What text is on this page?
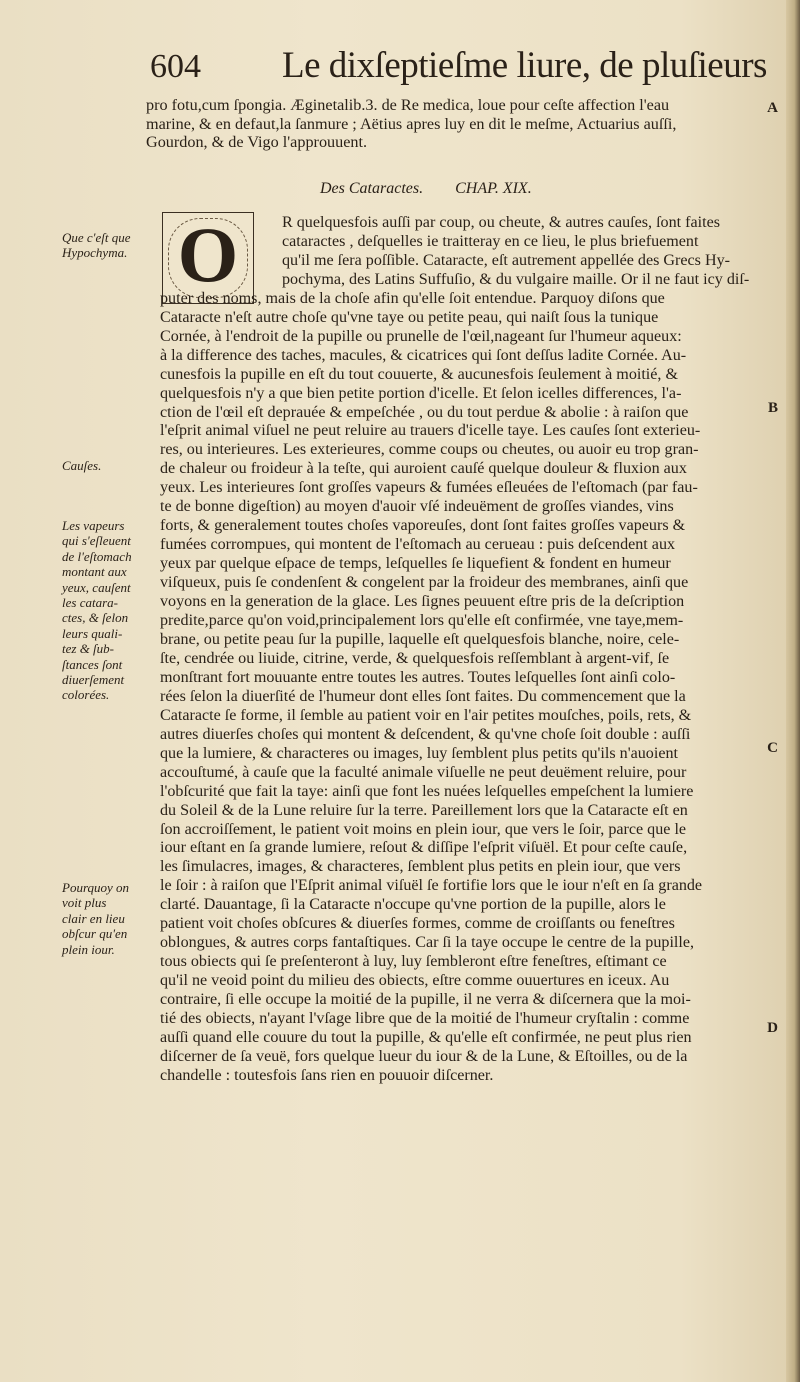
604 Le dixſeptieſme liure, de pluſieurs
pro fotu,cum ſpongia. Æginetalib.3. de Re medica, loue pour ceſte affection l'eau
marine, & en defaut,la ſanmure ; Aëtius apres luy en dit le meſme, Actuarius auſſi,
Gourdon, & de Vigo l'approuuent.
Des Cataractes. CHAP. XIX.
O	R quelquesfois auſſi par coup, ou cheute, & autres cauſes, ſont faites
cataractes , deſquelles ie traitteray en ce lieu, le plus briefuement
qu'il me ſera poſſible. Cataracte, eſt autrement appellée des Grecs Hy-
pochyma, des Latins Suffuſio, & du vulgaire maille. Or il ne faut icy diſ-
puter des noms, mais de la choſe afin qu'elle ſoit entendue. Parquoy diſons que
Cataracte n'eſt autre choſe qu'vne taye ou petite peau, qui naiſt ſous la tunique
Cornée, à l'endroit de la pupille ou prunelle de l'œil,nageant ſur l'humeur aqueux:
à la difference des taches, macules, & cicatrices qui ſont deſſus ladite Cornée. Au-
cunesfois la pupille en eſt du tout couuerte, & aucunesfois ſeulement à moitié, &
quelquesfois n'y a que bien petite portion d'icelle. Et ſelon icelles differences, l'a-
ction de l'œil eſt deprauée & empeſchée , ou du tout perdue & abolie : à raiſon que
l'eſprit animal viſuel ne peut reluire au trauers d'icelle taye. Les cauſes ſont exterieu-
res, ou interieures. Les exterieures, comme coups ou cheutes, ou auoir eu trop gran-
de chaleur ou froideur à la teſte, qui auroient cauſé quelque douleur & fluxion aux
yeux. Les interieures ſont groſſes vapeurs & fumées eſleuées de l'eſtomach (par fau-
te de bonne digeſtion) au moyen d'auoir vſé indeuëment de groſſes viandes, vins
forts, & generalement toutes choſes vaporeuſes, dont ſont faites groſſes vapeurs &
fumées corrompues, qui montent de l'eſtomach au cerueau : puis deſcendent aux
yeux par quelque eſpace de temps, leſquelles ſe liquefient & fondent en humeur
viſqueux, puis ſe condenſent & congelent par la froideur des membranes, ainſi que
voyons en la generation de la glace. Les ſignes peuuent eſtre pris de la deſcription
predite,parce qu'on void,principalement lors qu'elle eſt confirmée, vne taye,mem-
brane, ou petite peau ſur la pupille, laquelle eſt quelquesfois blanche, noire, cele-
ſte, cendrée ou liuide, citrine, verde, & quelquesfois reſſemblant à argent-vif, ſe
monſtrant fort mouuante entre toutes les autres. Toutes leſquelles ſont ainſi colo-
rées ſelon la diuerſité de l'humeur dont elles ſont faites. Du commencement que la
Cataracte ſe forme, il ſemble au patient voir en l'air petites mouſches, poils, rets, &
autres diuerſes choſes qui montent & deſcendent, & qu'vne choſe ſoit double : auſſi
que la lumiere, & characteres ou images, luy ſemblent plus petits qu'ils n'auoient
accouſtumé, à cauſe que la faculté animale viſuelle ne peut deuëment reluire, pour
l'obſcurité que fait la taye: ainſi que font les nuées leſquelles empeſchent la lumiere
du Soleil & de la Lune reluire ſur la terre. Pareillement lors que la Cataracte eſt en
ſon accroiſſement, le patient voit moins en plein iour, que vers le ſoir, parce que le
iour eſtant en ſa grande lumiere, reſout & diſſipe l'eſprit viſuël. Et pour ceſte cauſe,
les ſimulacres, images, & characteres, ſemblent plus petits en plein iour, que vers
le ſoir : à raiſon que l'Eſprit animal viſuël ſe fortifie lors que le iour n'eſt en ſa grande
clarté. Dauantage, ſi la Cataracte n'occupe qu'vne portion de la pupille, alors le
patient voit choſes obſcures & diuerſes formes, comme de croiſſants ou feneſtres
oblongues, & autres corps fantaſtiques. Car ſi la taye occupe le centre de la pupille,
tous obiects qui ſe preſenteront à luy, luy ſembleront eſtre feneſtres, eſtimant ce
qu'il ne veoid point du milieu des obiects, eſtre comme ouuertures en iceux. Au
contraire, ſi elle occupe la moitié de la pupille, il ne verra & diſcernera que la moi-
tié des obiects, n'ayant l'vſage libre que de la moitié de l'humeur cryſtalin : comme
auſſi quand elle couure du tout la pupille, & qu'elle eſt confirmée, ne peut plus rien
diſcerner de ſa veuë, fors quelque lueur du iour & de la Lune, & Eſtoilles, ou de la
chandelle : toutesfois ſans rien en pouuoir diſcerner.
Que c'eſt que
Hypochyma.
Cauſes.
Les vapeurs
qui s'eſleuent
de l'eſtomach
montant aux
yeux, cauſent
les catara-
ctes, & ſelon
leurs quali-
tez & ſub-
ſtances ſont
diuerſement
colorées.
Pourquoy on
voit plus
clair en lieu
obſcur qu'en
plein iour.
A
B
C
D
